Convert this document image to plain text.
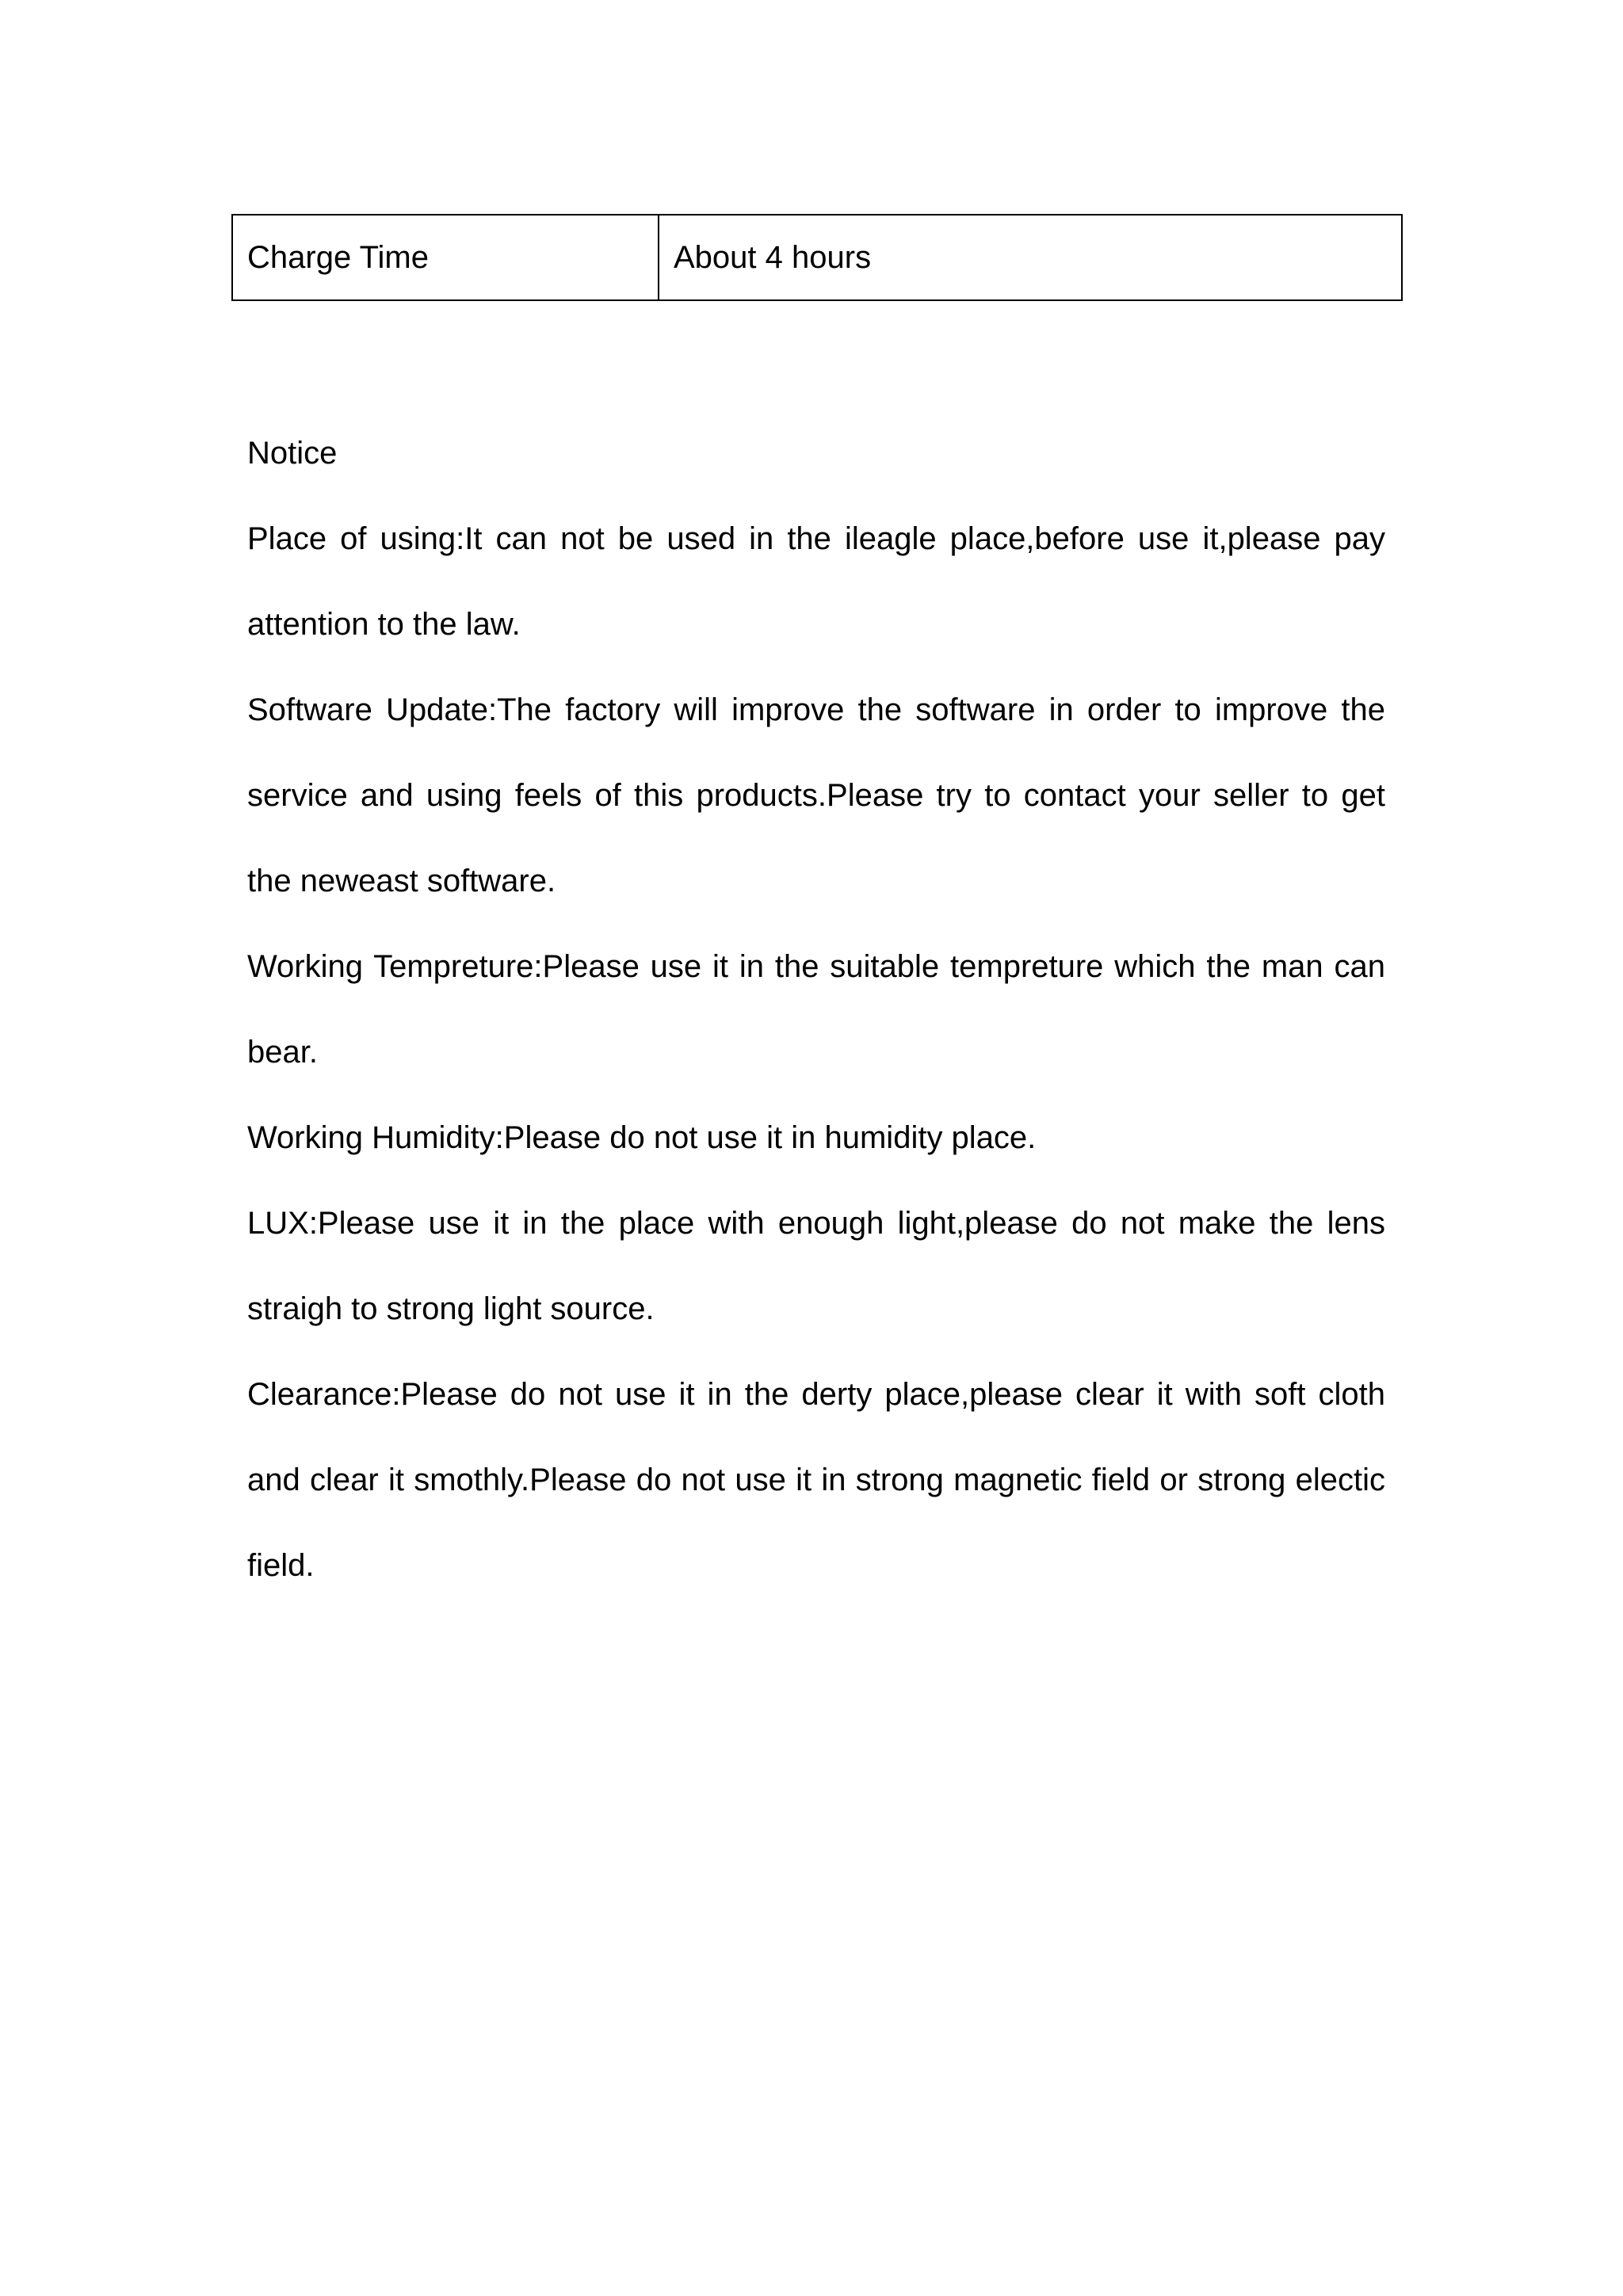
Charge Time	About 4 hours

Notice

Place of using:It can not be used in the ileagle place,before use it,please pay attention to the law.

Software Update:The factory will improve the software in order to improve the service and using feels of this products.Please try to contact your seller to get the neweast software.

Working Tempreture:Please use it in the suitable tempreture which the man can bear.

Working Humidity:Please do not use it in humidity place.

LUX:Please use it in the place with enough light,please do not make the lens straigh to strong light source.

Clearance:Please do not use it in the derty place,please clear it with soft cloth and clear it smothly.Please do not use it in strong magnetic field or strong electic field.
